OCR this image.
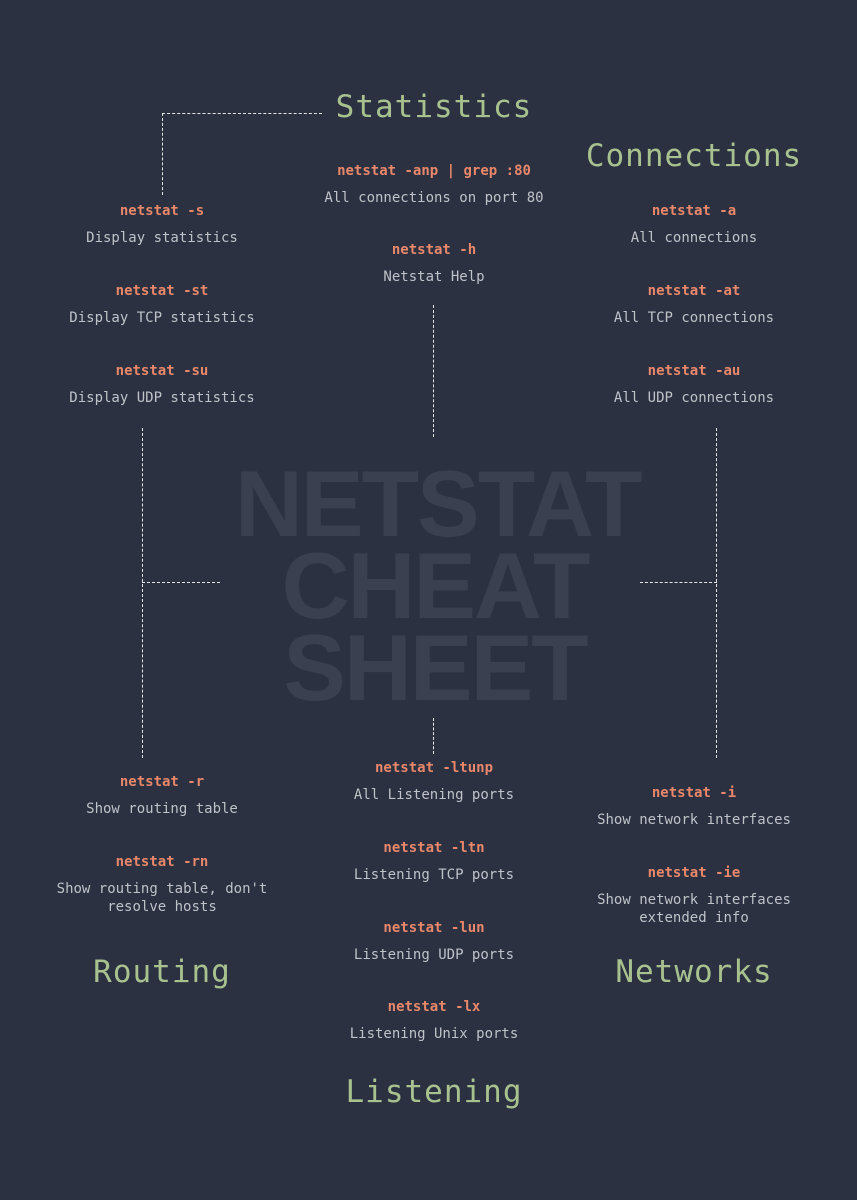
NETSTAT
CHEAT
SHEET
Statistics
Connections
Routing	Networks
Listening
netstat -s
Display statistics
netstat -st
Display TCP statistics
netstat -su
Display UDP statistics
netstat -anp | grep :80
All connections on port 80
netstat -h
Netstat Help
netstat -a
All connections
netstat -at
All TCP connections
netstat -au
All UDP connections
netstat -r
Show routing table
netstat -rn
Show routing table, don't
resolve hosts
netstat -ltunp
All Listening ports
netstat -ltn
Listening TCP ports
netstat -lun
Listening UDP ports
netstat -lx
Listening Unix ports
netstat -i
Show network interfaces
netstat -ie
Show network interfaces
extended info
